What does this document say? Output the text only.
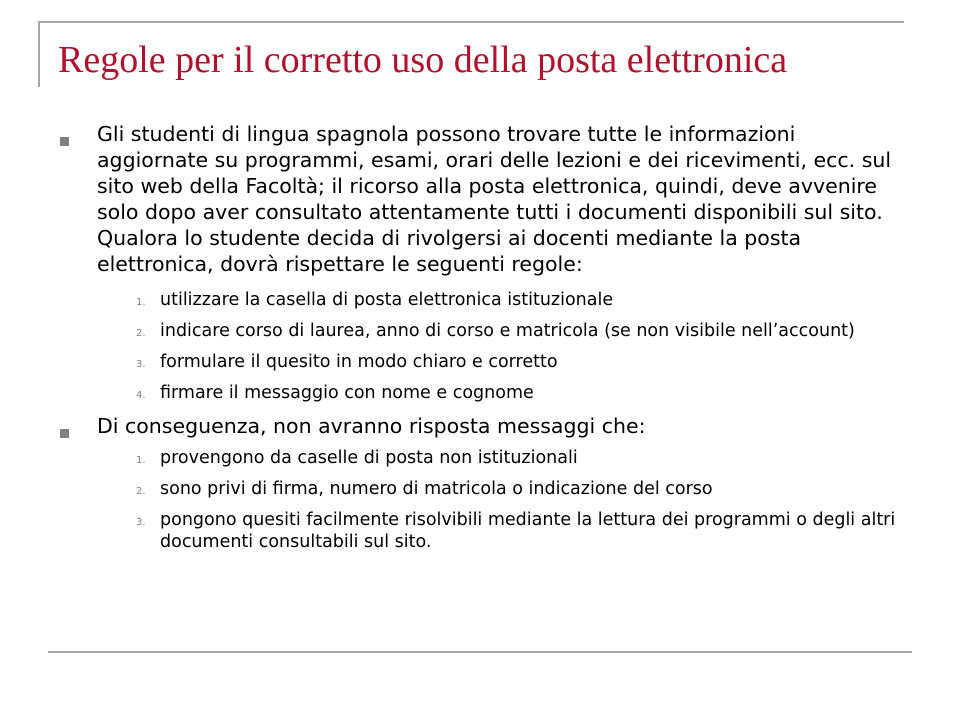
Regole per il corretto uso della posta elettronica

Gli studenti di lingua spagnola possono trovare tutte le informazioni aggiornate su programmi, esami, orari delle lezioni e dei ricevimenti, ecc. sul sito web della Facoltà; il ricorso alla posta elettronica, quindi, deve avvenire solo dopo aver consultato attentamente tutti i documenti disponibili sul sito. Qualora lo studente decida di rivolgersi ai docenti mediante la posta elettronica, dovrà rispettare le seguenti regole:

1. utilizzare la casella di posta elettronica istituzionale
2. indicare corso di laurea, anno di corso e matricola (se non visibile nell’account)
3. formulare il quesito in modo chiaro e corretto
4. firmare il messaggio con nome e cognome

Di conseguenza, non avranno risposta messaggi che:

1. provengono da caselle di posta non istituzionali
2. sono privi di firma, numero di matricola o indicazione del corso
3. pongono quesiti facilmente risolvibili mediante la lettura dei programmi o degli altri documenti consultabili sul sito.
